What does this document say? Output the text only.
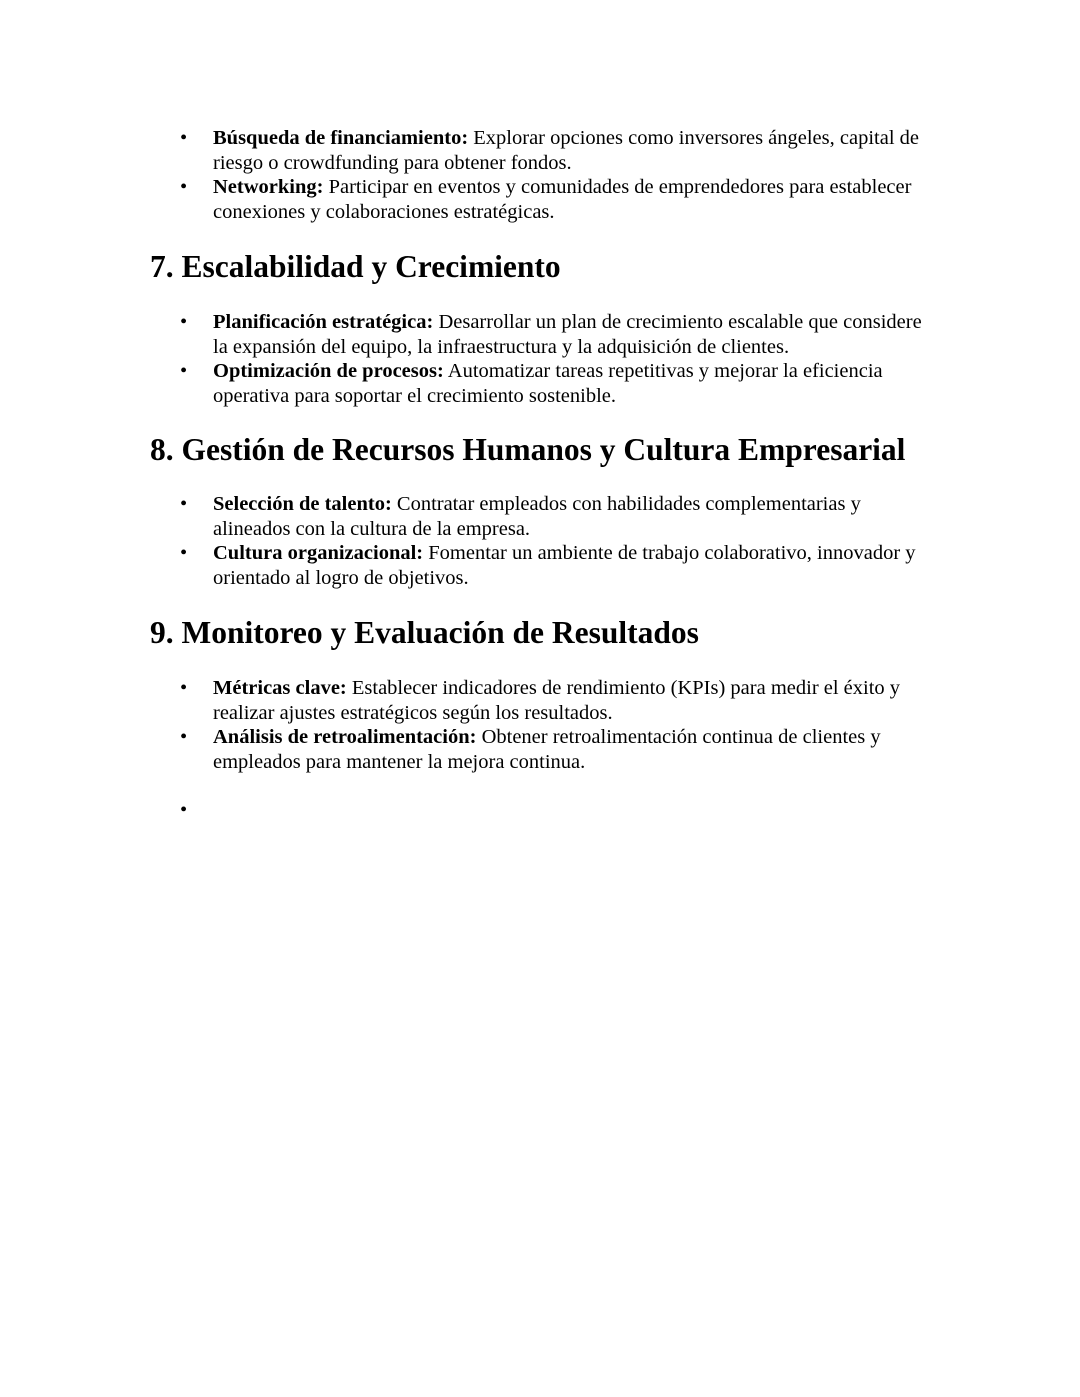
• Búsqueda de financiamiento: Explorar opciones como inversores ángeles, capital de riesgo o crowdfunding para obtener fondos.
• Networking: Participar en eventos y comunidades de emprendedores para establecer conexiones y colaboraciones estratégicas.
7. Escalabilidad y Crecimiento
• Planificación estratégica: Desarrollar un plan de crecimiento escalable que considere la expansión del equipo, la infraestructura y la adquisición de clientes.
• Optimización de procesos: Automatizar tareas repetitivas y mejorar la eficiencia operativa para soportar el crecimiento sostenible.
8. Gestión de Recursos Humanos y Cultura Empresarial
• Selección de talento: Contratar empleados con habilidades complementarias y alineados con la cultura de la empresa.
• Cultura organizacional: Fomentar un ambiente de trabajo colaborativo, innovador y orientado al logro de objetivos.
9. Monitoreo y Evaluación de Resultados
• Métricas clave: Establecer indicadores de rendimiento (KPIs) para medir el éxito y realizar ajustes estratégicos según los resultados.
• Análisis de retroalimentación: Obtener retroalimentación continua de clientes y empleados para mantener la mejora continua.
•
